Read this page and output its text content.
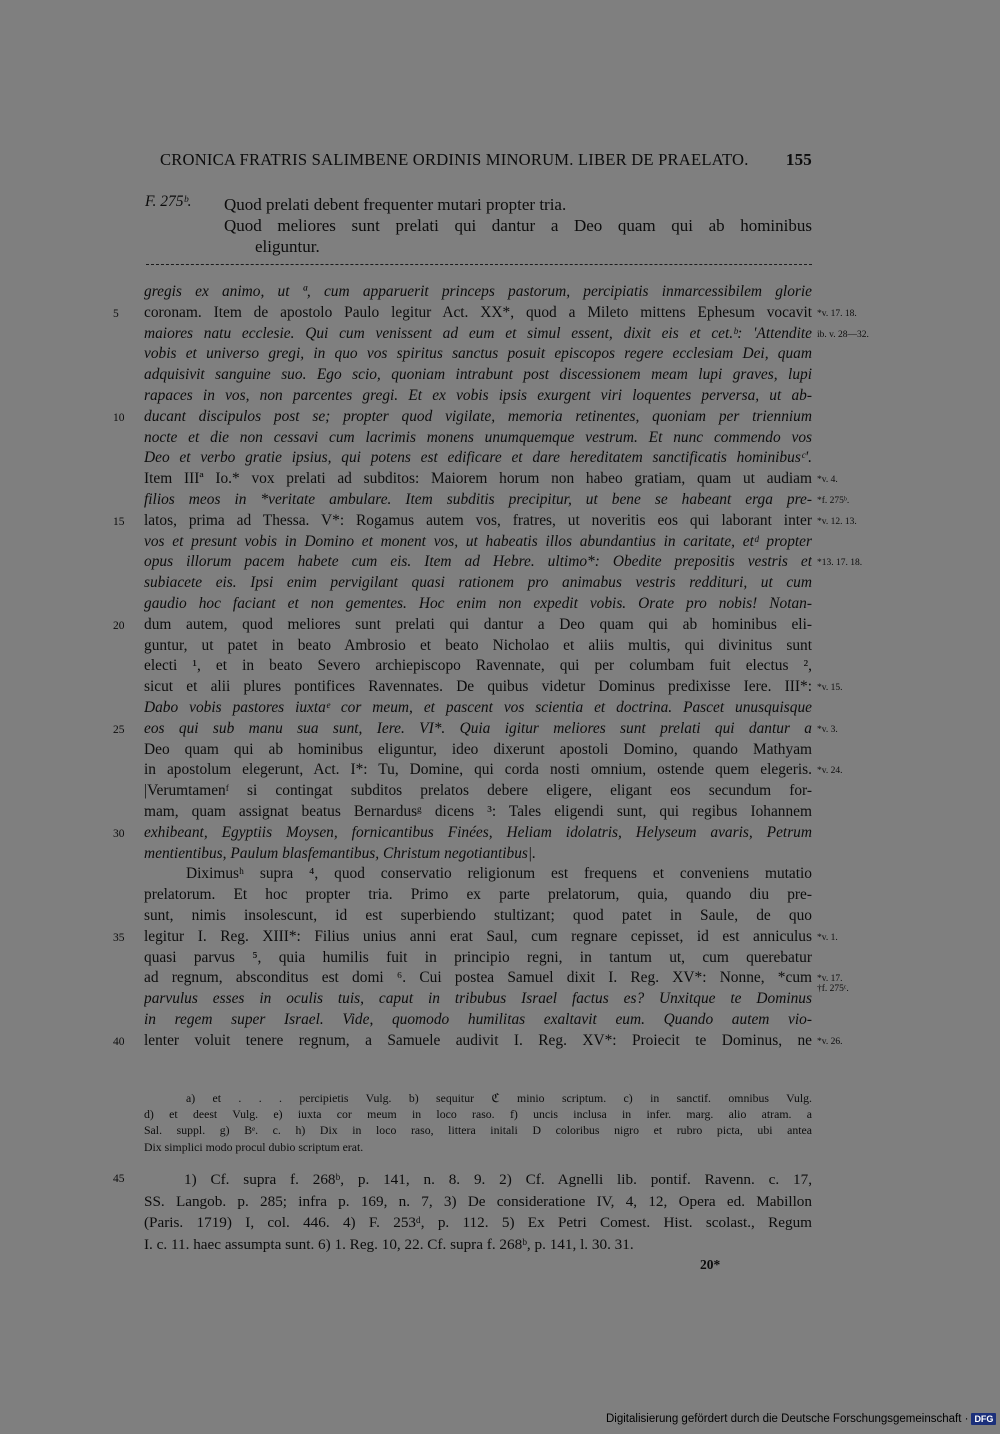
CRONICA FRATRIS SALIMBENE ORDINIS MINORUM. LIBER DE PRAELATO. 155
F. 275ᵇ. Quod prelati debent frequenter mutari propter tria.
Quod meliores sunt prelati qui dantur a Deo quam qui ab hominibus
eliguntur.
gregis ex animo, ut ª, cum apparuerit princeps pastorum, percipiatis inmarcessibilem glorie
coronam. Item de apostolo Paulo legitur Act. XX*, quod a Mileto mittens Ephesum vocavit
maiores natu ecclesie. Qui cum venissent ad eum et simul essent, dixit eis et cet.ᵇ: 'Attendite
vobis et universo gregi, in quo vos spiritus sanctus posuit episcopos regere ecclesiam Dei, quam
adquisivit sanguine suo. Ego scio, quoniam intrabunt post discessionem meam lupi graves, lupi
rapaces in vos, non parcentes gregi. Et ex vobis ipsis exurgent viri loquentes perversa, ut ab-
ducant discipulos post se; propter quod vigilate, memoria retinentes, quoniam per triennium
nocte et die non cessavi cum lacrimis monens unumquemque vestrum. Et nunc commendo vos
Deo et verbo gratie ipsius, qui potens est edificare et dare hereditatem sanctificatis hominibusᶜ'.
Item IIIª Io.* vox prelati ad subditos: Maiorem horum non habeo gratiam, quam ut audiam
filios meos in *veritate ambulare. Item subditis precipitur, ut bene se habeant erga pre-
latos, prima ad Thessa. V*: Rogamus autem vos, fratres, ut noveritis eos qui laborant inter
vos et presunt vobis in Domino et monent vos, ut habeatis illos abundantius in caritate, etᵈ propter
opus illorum pacem habete cum eis. Item ad Hebre. ultimo*: Obedite prepositis vestris et
subiacete eis. Ipsi enim pervigilant quasi rationem pro animabus vestris reddituri, ut cum
gaudio hoc faciant et non gementes. Hoc enim non expedit vobis. Orate pro nobis! Notan-
dum autem, quod meliores sunt prelati qui dantur a Deo quam qui ab hominibus eli-
guntur, ut patet in beato Ambrosio et beato Nicholao et aliis multis, qui divinitus sunt
electi ¹, et in beato Severo archiepiscopo Ravennate, qui per columbam fuit electus ²,
sicut et alii plures pontifices Ravennates. De quibus videtur Dominus predixisse Iere. III*:
Dabo vobis pastores iuxtaᵉ cor meum, et pascent vos scientia et doctrina. Pascet unusquisque
eos qui sub manu sua sunt, Iere. VI*. Quia igitur meliores sunt prelati qui dantur a
Deo quam qui ab hominibus eliguntur, ideo dixerunt apostoli Domino, quando Mathyam
in apostolum elegerunt, Act. I*: Tu, Domine, qui corda nosti omnium, ostende quem elegeris.
|Verumtamenᶠ si contingat subditos prelatos debere eligere, eligant eos secundum for-
mam, quam assignat beatus Bernardusᵍ dicens ³: Tales eligendi sunt, qui regibus Iohannem
exhibeant, Egyptiis Moysen, fornicantibus Finées, Heliam idolatris, Helyseum avaris, Petrum
mentientibus, Paulum blasfemantibus, Christum negotiantibus|.
Diximusʰ supra ⁴, quod conservatio religionum est frequens et conveniens mutatio
prelatorum. Et hoc propter tria. Primo ex parte prelatorum, quia, quando diu pre-
sunt, nimis insolescunt, id est superbiendo stultizant; quod patet in Saule, de quo
legitur I. Reg. XIII*: Filius unius anni erat Saul, cum regnare cepisset, id est anniculus
quasi parvus ⁵, quia humilis fuit in principio regni, in tantum ut, cum querebatur
ad regnum, absconditus est domi ⁶. Cui postea Samuel dixit I. Reg. XV*: Nonne, *cum
parvulus esses in oculis tuis, caput in tribubus Israel factus es? Unxitque te Dominus
in regem super Israel. Vide, quomodo humilitas exaltavit eum. Quando autem vio-
lenter voluit tenere regnum, a Samuele audivit I. Reg. XV*: Proiecit te Dominus, ne
5
10
15
20
25
30
35
40
*v. 17. 18.
ib. v. 28—32.
*v. 4.
*f. 275ᵇ.
*v. 12. 13.
*13. 17. 18.
*v. 15.
*v. 3.
*v. 24.
*v. 1.
*v. 17.
†f. 275ᶜ.
*v. 26.
a) et . . . percipietis Vulg. b) sequitur ℭ minio scriptum. c) in sanctif. omnibus Vulg.
d) et deest Vulg. e) iuxta cor meum in loco raso. f) uncis inclusa in infer. marg. alio atram. a
Sal. suppl. g) Bᵉ. c. h) Dix in loco raso, littera initali D coloribus nigro et rubro picta, ubi antea
Dix simplici modo procul dubio scriptum erat.
45	1) Cf. supra f. 268ᵇ, p. 141, n. 8. 9. 2) Cf. Agnelli lib. pontif. Ravenn. c. 17,
SS. Langob. p. 285; infra p. 169, n. 7, 3) De consideratione IV, 4, 12, Opera ed. Mabillon
(Paris. 1719) I, col. 446. 4) F. 253ᵈ, p. 112. 5) Ex Petri Comest. Hist. scolast., Regum
I. c. 11. haec assumpta sunt. 6) 1. Reg. 10, 22. Cf. supra f. 268ᵇ, p. 141, l. 30. 31.
20*
Digitalisierung gefördert durch die Deutsche Forschungsgemeinschaft · DFG
